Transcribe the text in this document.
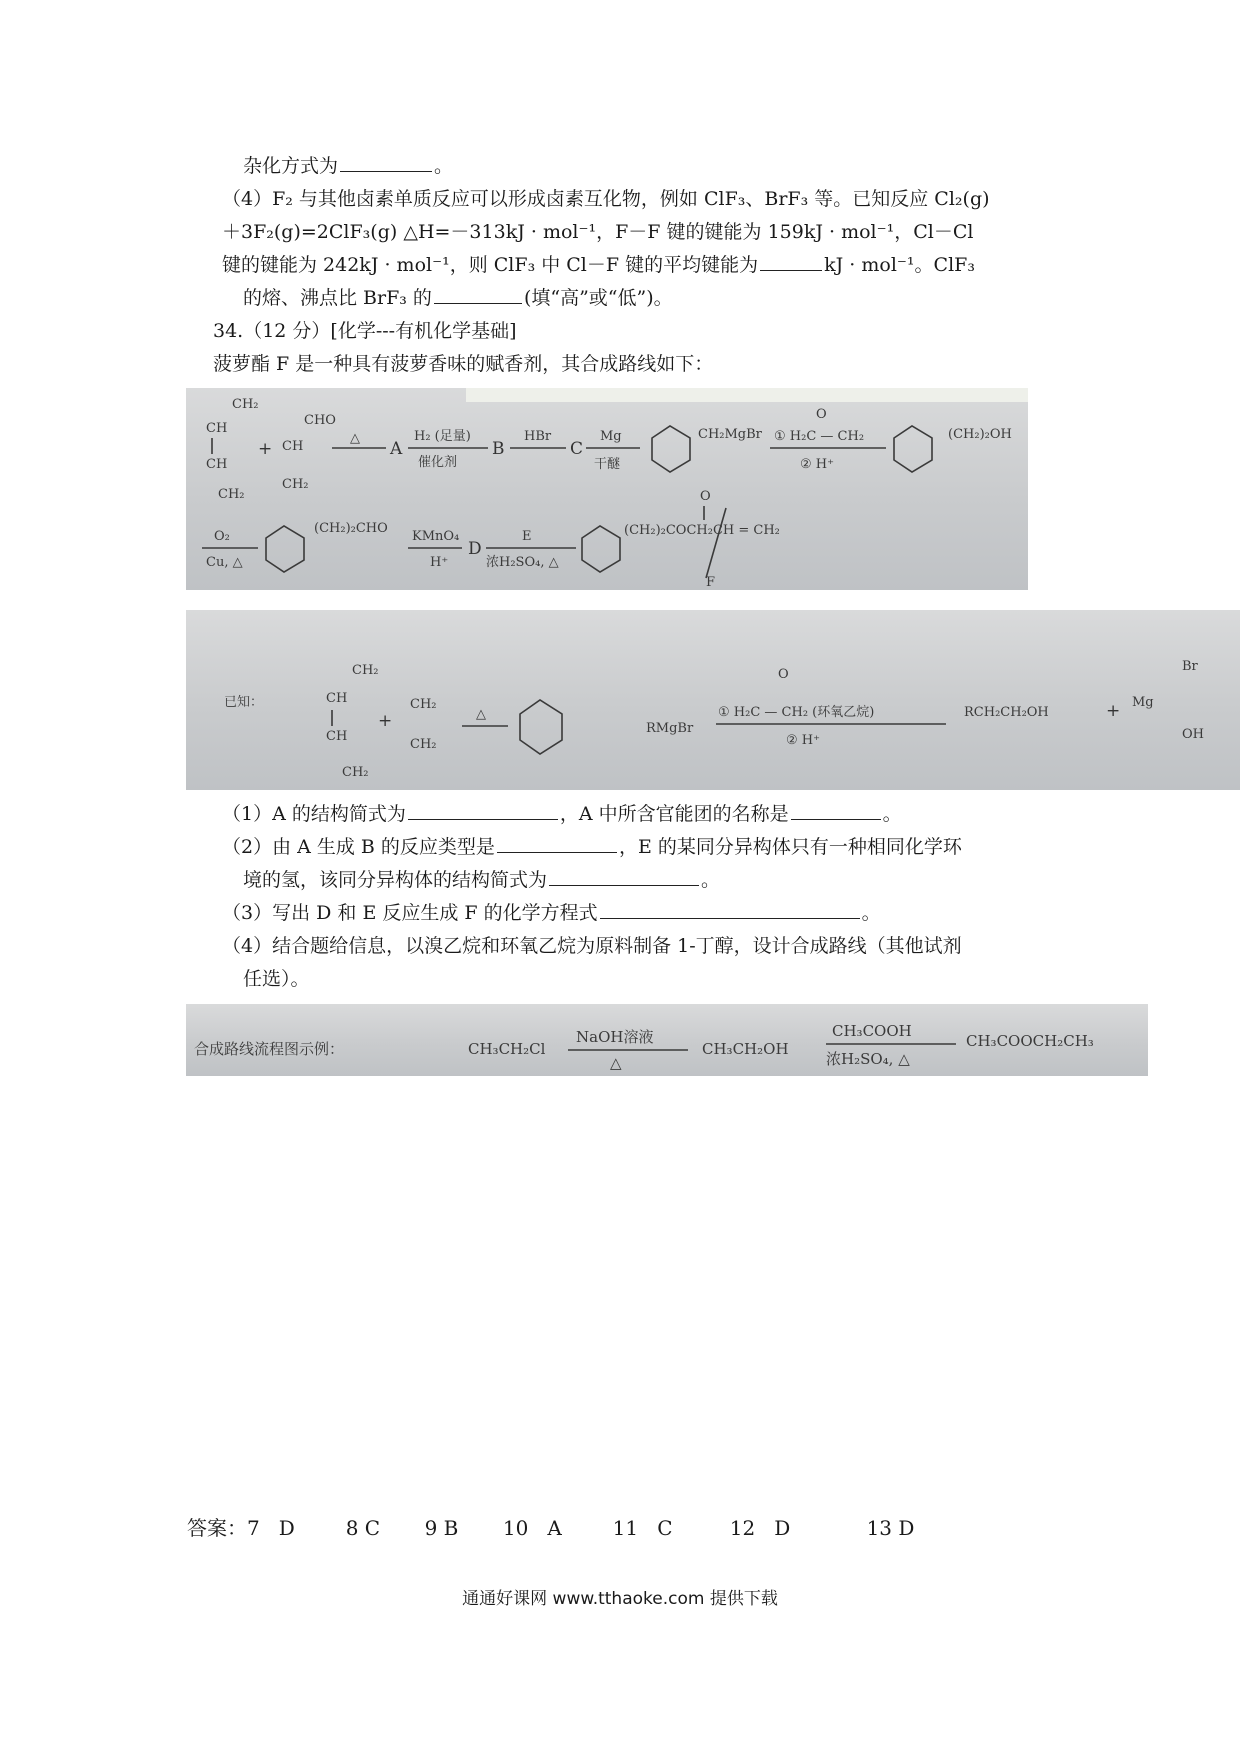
杂化方式为	。
（4）F₂ 与其他卤素单质反应可以形成卤素互化物，例如 ClF₃、BrF₃ 等。已知反应 Cl₂(g)
＋3F₂(g)=2ClF₃(g) △H=－313kJ · mol⁻¹，F－F 键的键能为 159kJ · mol⁻¹，Cl－Cl
键的键能为 242kJ · mol⁻¹，则 ClF₃ 中 Cl－F 键的平均键能为	kJ · mol⁻¹。ClF₃
的熔、沸点比 BrF₃ 的	(填“高”或“低”)。
34.（12 分）[化学---有机化学基础]
菠萝酯 F 是一种具有菠萝香味的赋香剂，其合成路线如下：
CH₂
CH
CH
CH₂
CHO
CH
CH₂
+
△
A
H₂ (足量)
催化剂
B
HBr
C
Mg
干醚
CH₂MgBr ① H₂C — CH₂
O
② H⁺
(CH₂)₂OH
O₂
Cu, △
(CH₂)₂CHO
KMnO₄
H⁺
D
E
浓H₂SO₄, △
(CH₂)₂COCH₂CH = CH₂
O
F
已知：
CH₂
CH
CH
CH₂
+
CH₂
CH₂
△
RMgBr
① H₂C — CH₂ (环氧乙烷)
O
② H⁺
RCH₂CH₂OH	+ Mg
Br
OH
（1）A 的结构简式为	，A 中所含官能团的名称是	。
（2）由 A 生成 B 的反应类型是	，E 的某同分异构体只有一种相同化学环
境的氢，该同分异构体的结构简式为	。
（3）写出 D 和 E 反应生成 F 的化学方程式	。
（4）结合题给信息，以溴乙烷和环氧乙烷为原料制备 1-丁醇，设计合成路线（其他试剂
任选）。
合成路线流程图示例：	CH₃CH₂Cl
NaOH溶液
△
CH₃CH₂OH
CH₃COOH
浓H₂SO₄, △
CH₃COOCH₂CH₃
答案：7   D        8 C       9 B       10   A        11   C         12   D            13 D
通通好课网 www.tthaoke.com 提供下载
